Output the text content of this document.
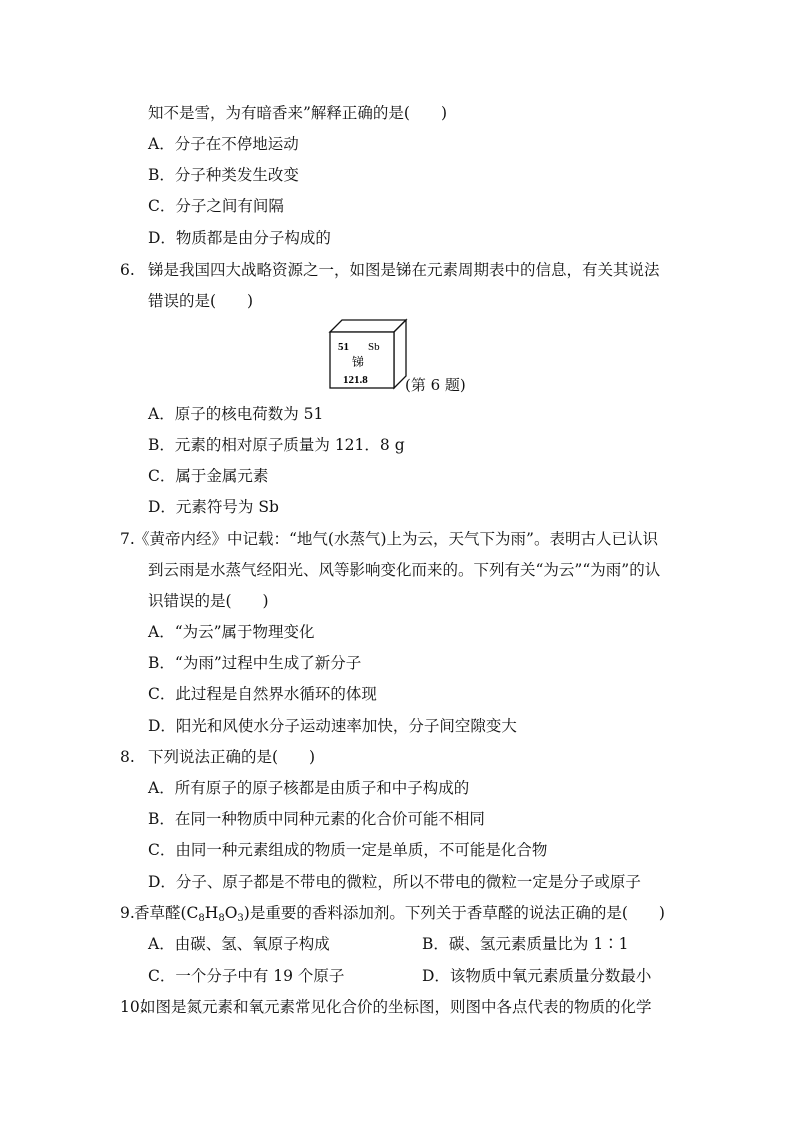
知不是雪，为有暗香来”解释正确的是(　　)
A．分子在不停地运动
B．分子种类发生改变
C．分子之间有间隔
D．物质都是由分子构成的
6. 锑是我国四大战略资源之一，如图是锑在元素周期表中的信息，有关其说法
错误的是(　　)
51 Sb
锑
121.8 (第 6 题)
A．原子的核电荷数为 51
B．元素的相对原子质量为 121．8 g
C．属于金属元素
D．元素符号为 Sb
7. 《黄帝内经》中记载：“地气(水蒸气)上为云，天气下为雨”。表明古人已认识
到云雨是水蒸气经阳光、风等影响变化而来的。下列有关“为云”“为雨”的认
识错误的是(　　)
A．“为云”属于物理变化
B．“为雨”过程中生成了新分子
C．此过程是自然界水循环的体现
D．阳光和风使水分子运动速率加快，分子间空隙变大
8. 下列说法正确的是(　　)
A．所有原子的原子核都是由质子和中子构成的
B．在同一种物质中同种元素的化合价可能不相同
C．由同一种元素组成的物质一定是单质，不可能是化合物
D．分子、原子都是不带电的微粒，所以不带电的微粒一定是分子或原子
9. 香草醛$(C_8H_8O_3)$是重要的香料添加剂。下列关于香草醛的说法正确的是(　　)
A．由碳、氢、氧原子构成	B．碳、氢元素质量比为 1∶1
C．一个分子中有 19 个原子	D．该物质中氧元素质量分数最小
10.
如图是氮元素和氧元素常见化合价的坐标图，则图中各点代表的物质的化学
